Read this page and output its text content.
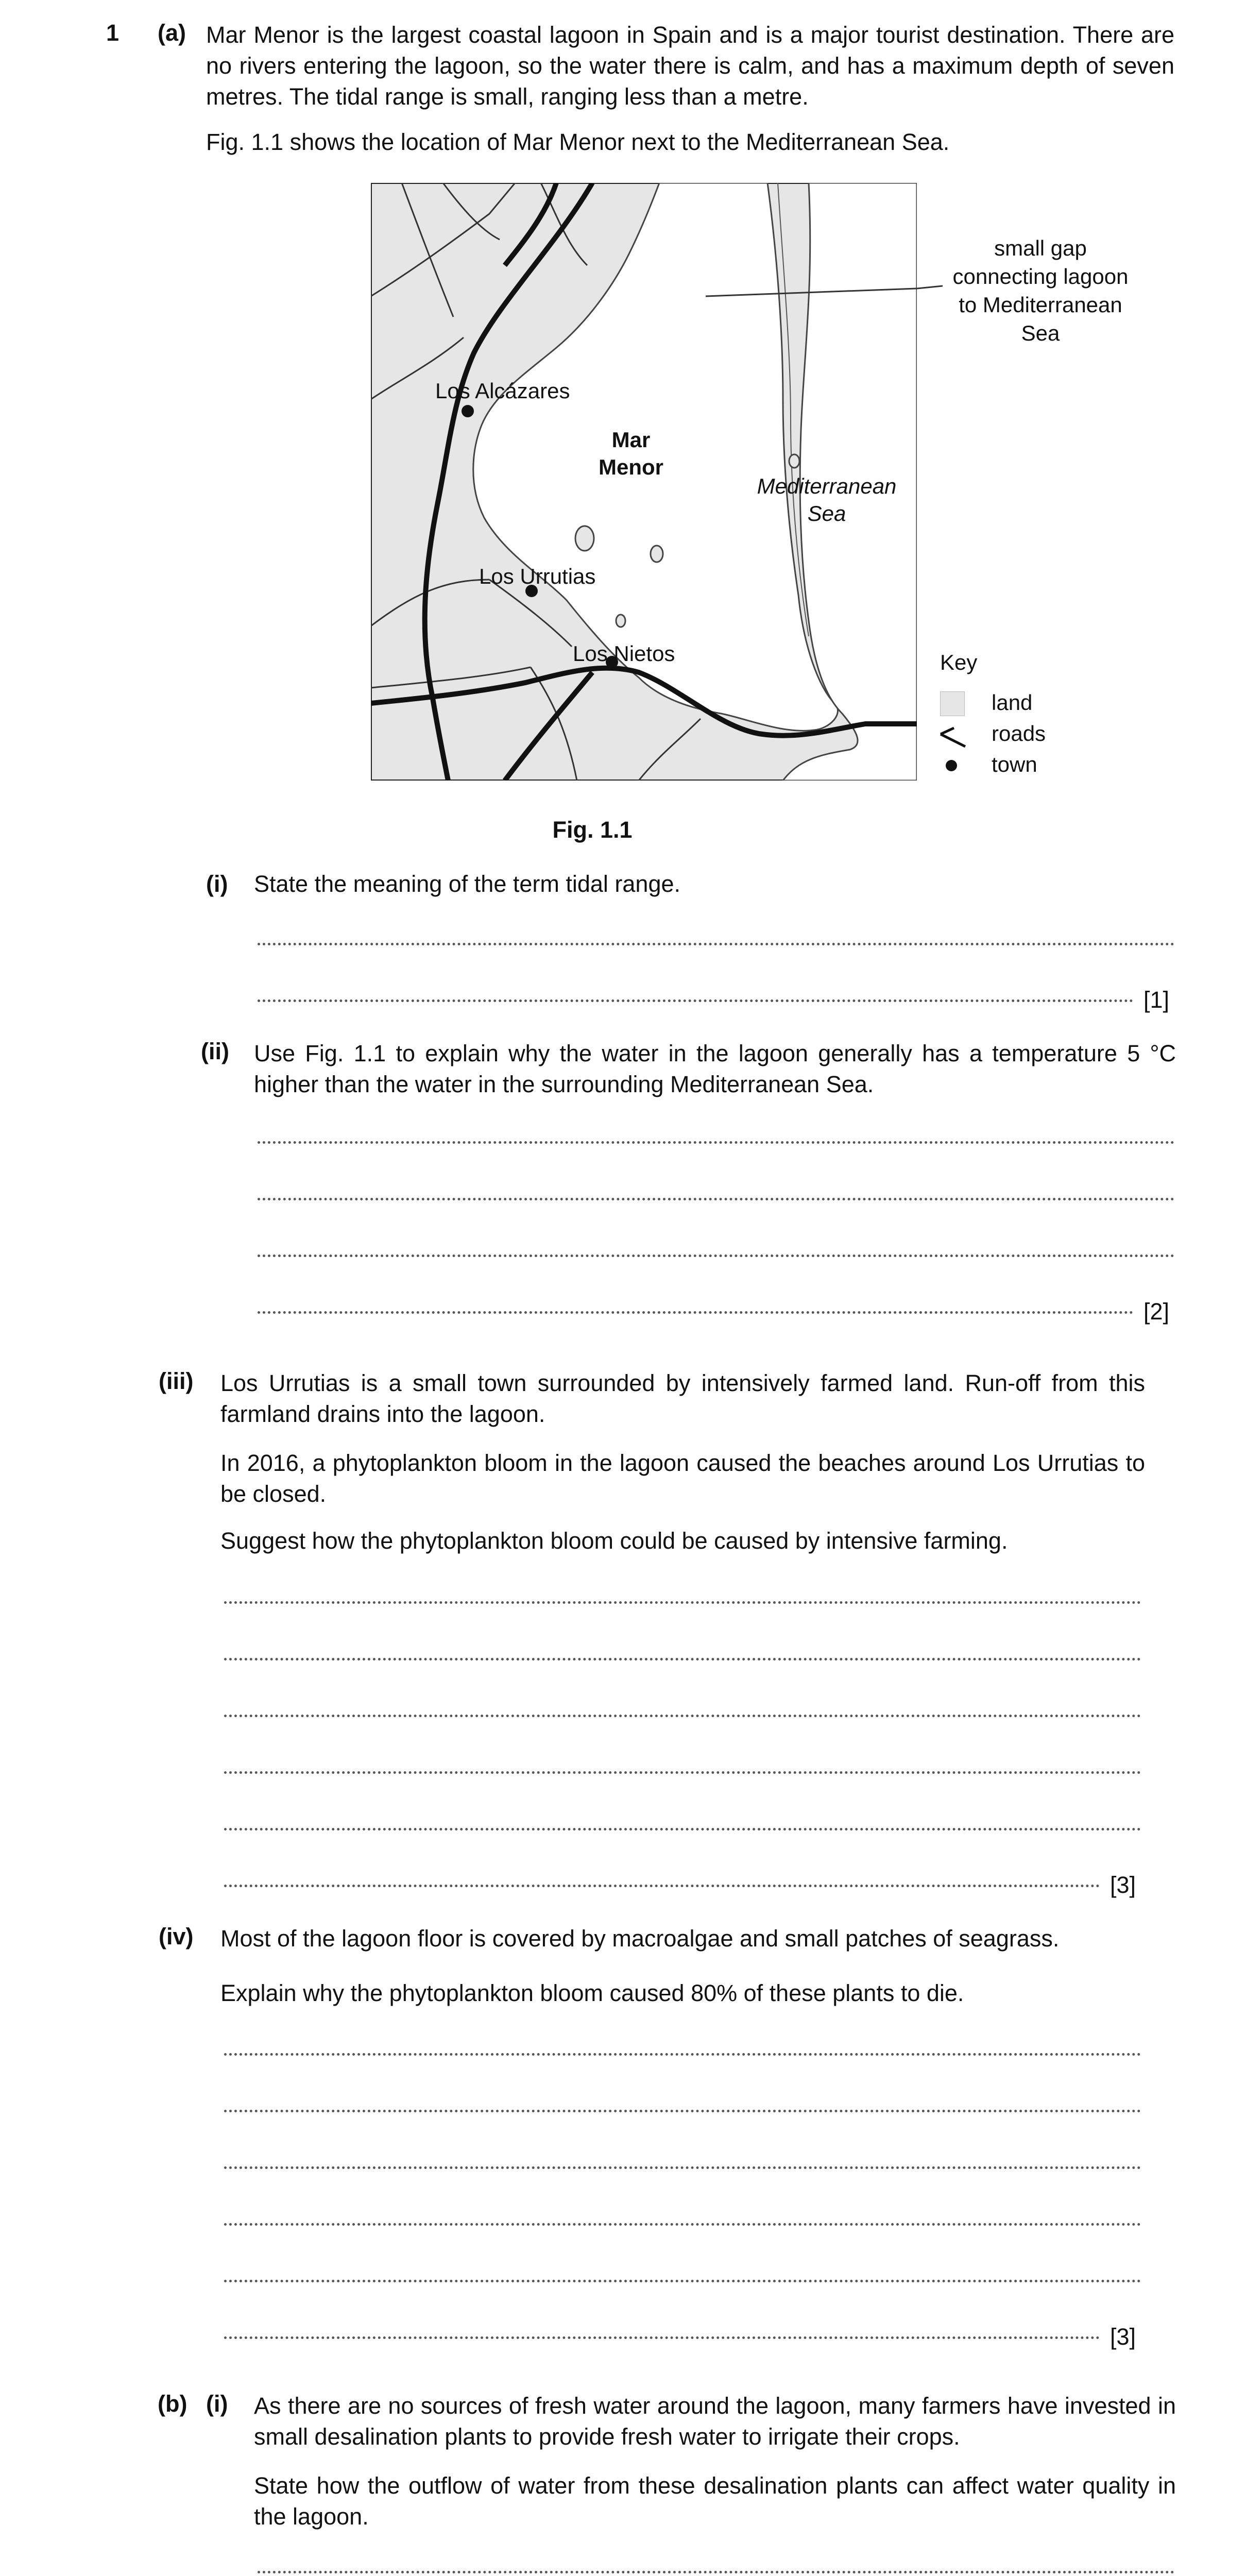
1 (a) Mar Menor is the largest coastal lagoon in Spain and is a major tourist destination. There are no rivers entering the lagoon, so the water there is calm, and has a maximum depth of seven metres. The tidal range is small, ranging less than a metre.
Fig. 1.1 shows the location of Mar Menor next to the Mediterranean Sea.
Los Alcázares
Mar
Menor
Mediterranean
Sea
Los Urrutias
Los Nietos
small gap
connecting lagoon
to Mediterranean
Sea
Key
land
roads
town
Fig. 1.1
(i) State the meaning of the term tidal range.
[1]
(ii) Use Fig. 1.1 to explain why the water in the lagoon generally has a temperature 5 °C higher than the water in the surrounding Mediterranean Sea.
[2]
(iii) Los Urrutias is a small town surrounded by intensively farmed land. Run-off from this farmland drains into the lagoon.
In 2016, a phytoplankton bloom in the lagoon caused the beaches around Los Urrutias to be closed.
Suggest how the phytoplankton bloom could be caused by intensive farming.
[3]
(iv) Most of the lagoon floor is covered by macroalgae and small patches of seagrass.
Explain why the phytoplankton bloom caused 80% of these plants to die.
[3]
(b) (i) As there are no sources of fresh water around the lagoon, many farmers have invested in small desalination plants to provide fresh water to irrigate their crops.
State how the outflow of water from these desalination plants can affect water quality in the lagoon.
